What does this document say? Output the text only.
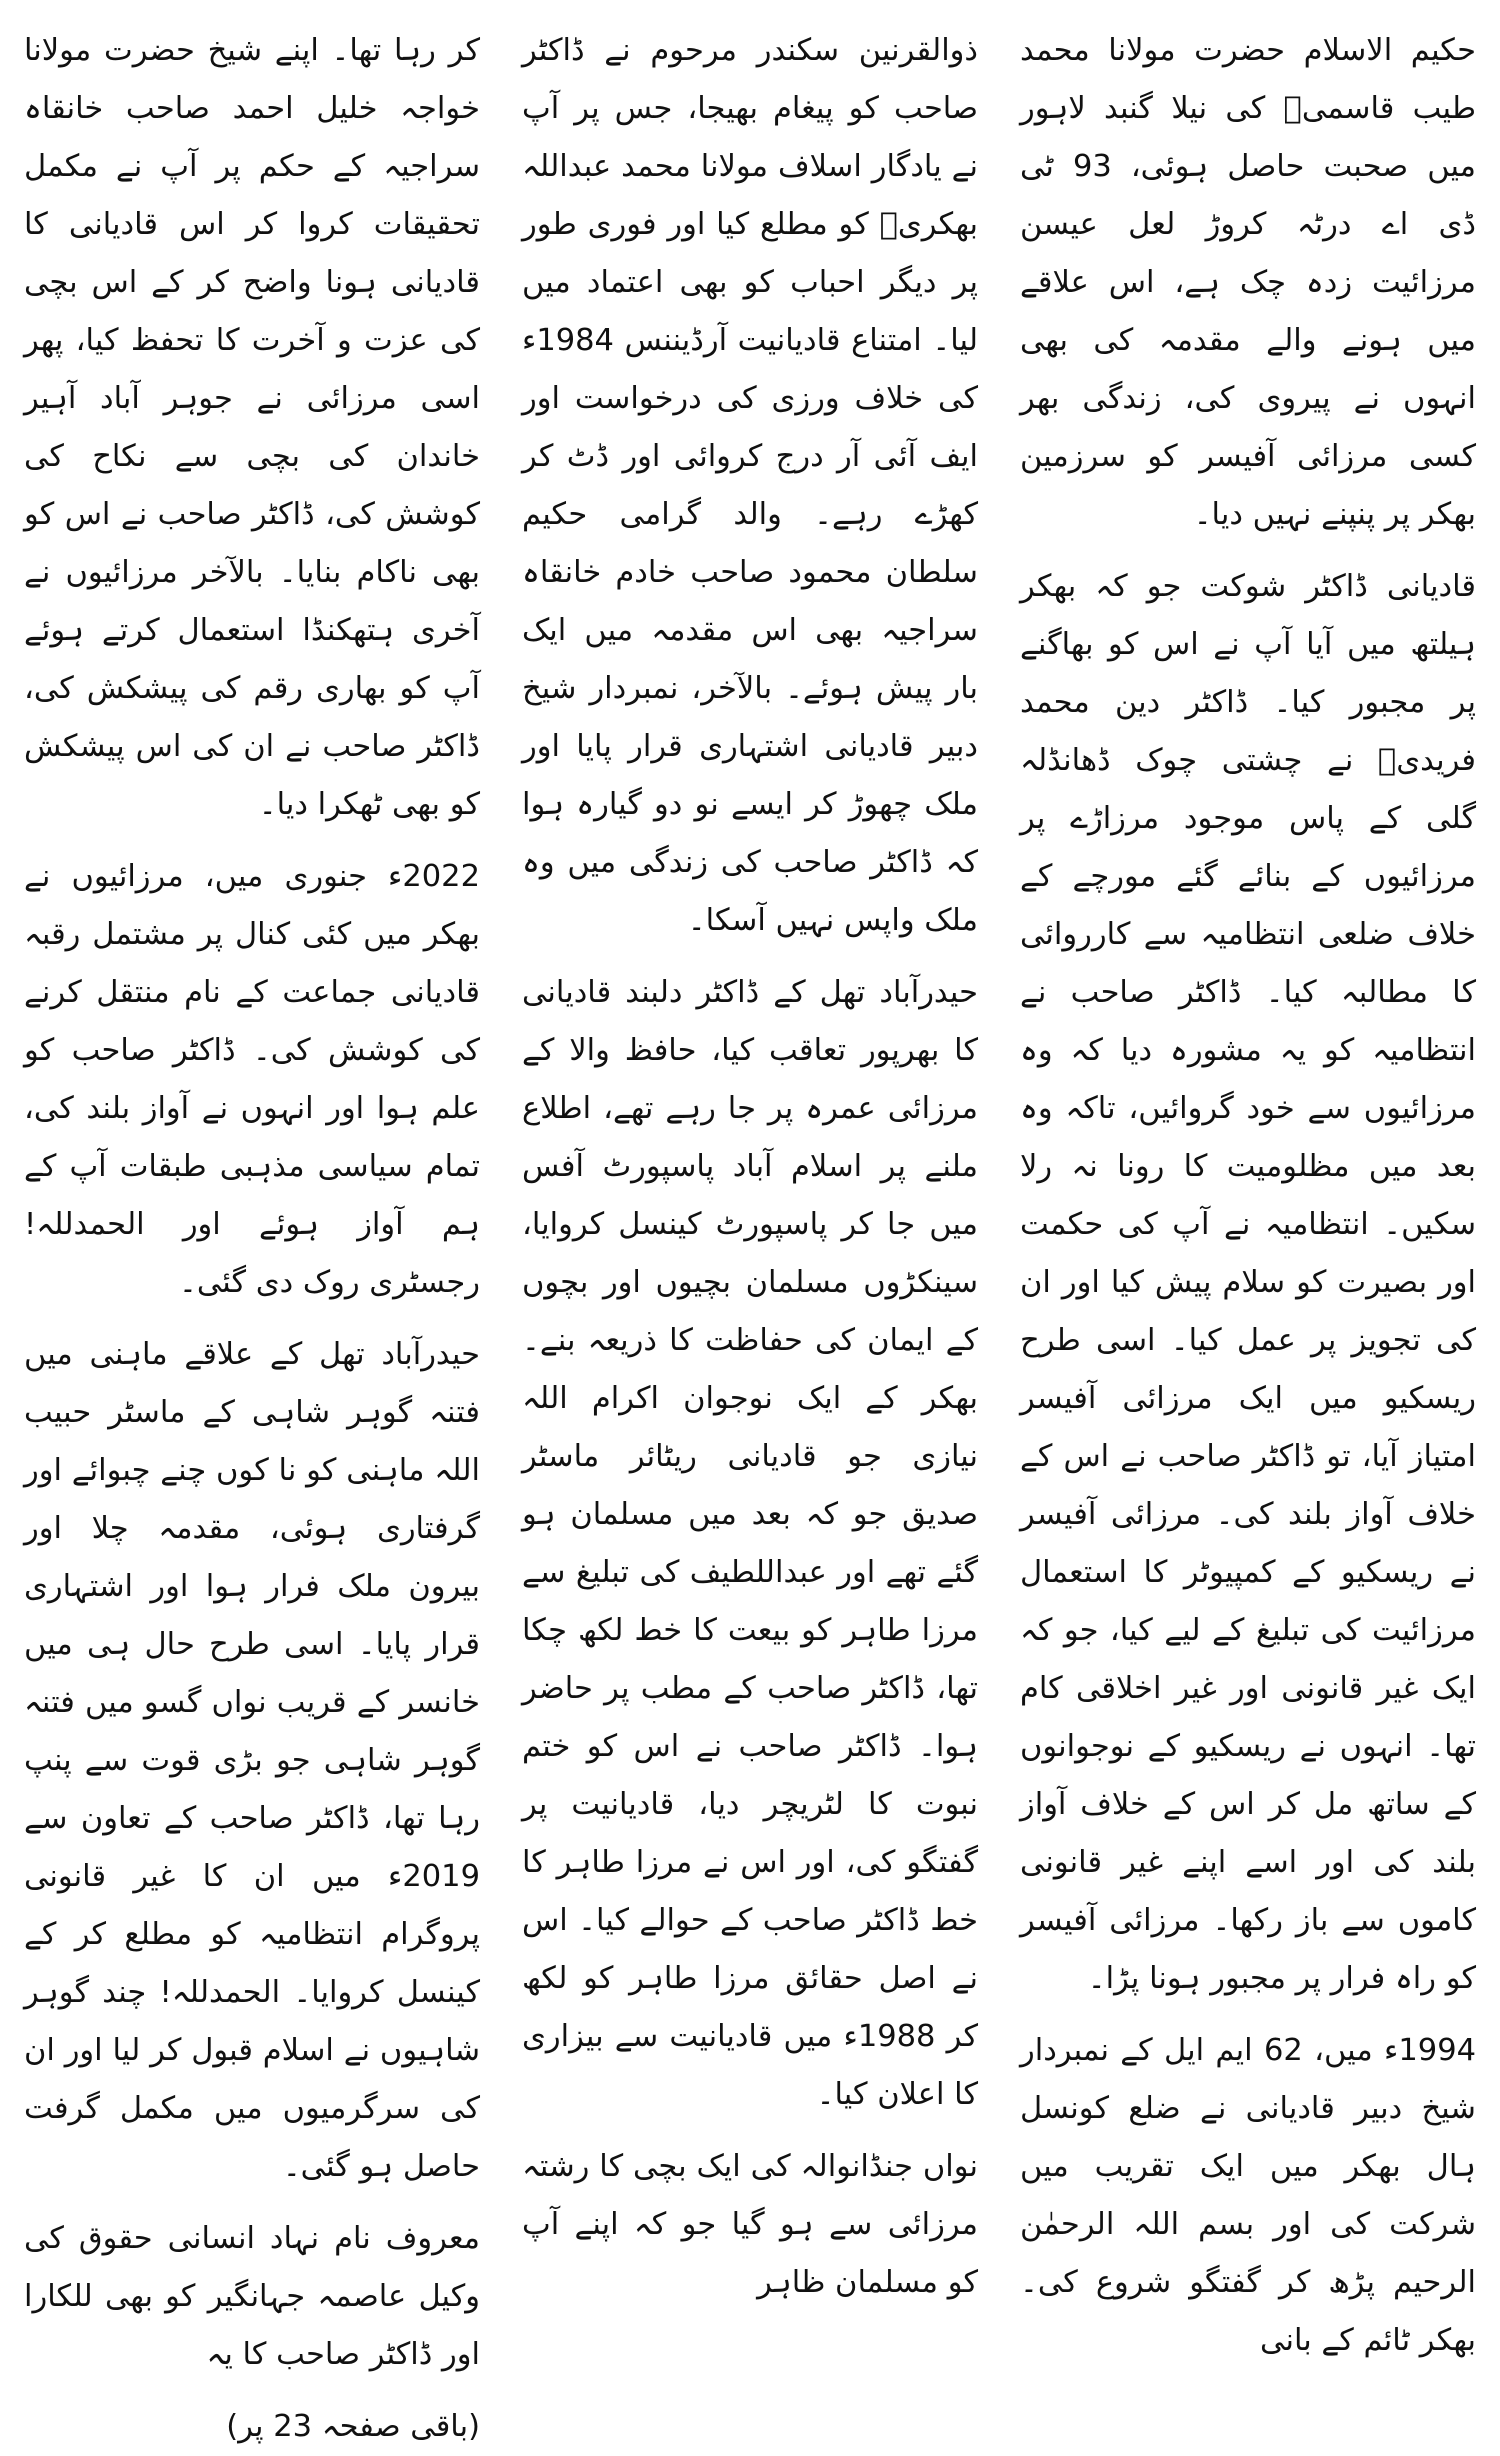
حکیم الاسلام حضرت مولانا محمد طیب قاسمیؒ کی نیلا گنبد لاہور میں صحبت حاصل ہوئی، 93 ٹی ڈی اے درٹہ کروڑ لعل عیسن مرزائیت زدہ چک ہے، اس علاقے میں ہونے والے مقدمہ کی بھی انہوں نے پیروی کی، زندگی بھر کسی مرزائی آفیسر کو سرزمین بھکر پر پنپنے نہیں دیا۔

قادیانی ڈاکٹر شوکت جو کہ بھکر ہیلتھ میں آیا آپ نے اس کو بھاگنے پر مجبور کیا۔ ڈاکٹر دین محمد فریدیؒ نے چشتی چوک ڈھانڈلہ گلی کے پاس موجود مرزاڑے پر مرزائیوں کے بنائے گئے مورچے کے خلاف ضلعی انتظامیہ سے کارروائی کا مطالبہ کیا۔ ڈاکٹر صاحب نے انتظامیہ کو یہ مشورہ دیا کہ وہ مرزائیوں سے خود گروائیں، تاکہ وہ بعد میں مظلومیت کا رونا نہ رلا سکیں۔ انتظامیہ نے آپ کی حکمت اور بصیرت کو سلام پیش کیا اور ان کی تجویز پر عمل کیا۔ اسی طرح ریسکیو میں ایک مرزائی آفیسر امتیاز آیا، تو ڈاکٹر صاحب نے اس کے خلاف آواز بلند کی۔ مرزائی آفیسر نے ریسکیو کے کمپیوٹر کا استعمال مرزائیت کی تبلیغ کے لیے کیا، جو کہ ایک غیر قانونی اور غیر اخلاقی کام تھا۔ انہوں نے ریسکیو کے نوجوانوں کے ساتھ مل کر اس کے خلاف آواز بلند کی اور اسے اپنے غیر قانونی کاموں سے باز رکھا۔ مرزائی آفیسر کو راہ فرار پر مجبور ہونا پڑا۔

1994ء میں، 62 ایم ایل کے نمبردار شیخ دبیر قادیانی نے ضلع کونسل ہال بھکر میں ایک تقریب میں شرکت کی اور بسم اللہ الرحمٰن الرحیم پڑھ کر گفتگو شروع کی۔ بھکر ٹائم کے بانی

ذوالقرنین سکندر مرحوم نے ڈاکٹر صاحب کو پیغام بھیجا، جس پر آپ نے یادگار اسلاف مولانا محمد عبداللہ بھکریؒ کو مطلع کیا اور فوری طور پر دیگر احباب کو بھی اعتماد میں لیا۔ امتناع قادیانیت آرڈیننس 1984ء کی خلاف ورزی کی درخواست اور ایف آئی آر درج کروائی اور ڈٹ کر کھڑے رہے۔ والد گرامی حکیم سلطان محمود صاحب خادم خانقاہ سراجیہ بھی اس مقدمہ میں ایک بار پیش ہوئے۔ بالآخر، نمبردار شیخ دبیر قادیانی اشتہاری قرار پایا اور ملک چھوڑ کر ایسے نو دو گیارہ ہوا کہ ڈاکٹر صاحب کی زندگی میں وہ ملک واپس نہیں آسکا۔

حیدرآباد تھل کے ڈاکٹر دلبند قادیانی کا بھرپور تعاقب کیا، حافظ والا کے مرزائی عمرہ پر جا رہے تھے، اطلاع ملنے پر اسلام آباد پاسپورٹ آفس میں جا کر پاسپورٹ کینسل کروایا، سینکڑوں مسلمان بچیوں اور بچوں کے ایمان کی حفاظت کا ذریعہ بنے۔ بھکر کے ایک نوجوان اکرام اللہ نیازی جو قادیانی ریٹائر ماسٹر صدیق جو کہ بعد میں مسلمان ہو گئے تھے اور عبداللطیف کی تبلیغ سے مرزا طاہر کو بیعت کا خط لکھ چکا تھا، ڈاکٹر صاحب کے مطب پر حاضر ہوا۔ ڈاکٹر صاحب نے اس کو ختم نبوت کا لٹریچر دیا، قادیانیت پر گفتگو کی، اور اس نے مرزا طاہر کا خط ڈاکٹر صاحب کے حوالے کیا۔ اس نے اصل حقائق مرزا طاہر کو لکھ کر 1988ء میں قادیانیت سے بیزاری کا اعلان کیا۔

نواں جنڈانوالہ کی ایک بچی کا رشتہ مرزائی سے ہو گیا جو کہ اپنے آپ کو مسلمان ظاہر

کر رہا تھا۔ اپنے شیخ حضرت مولانا خواجہ خلیل احمد صاحب خانقاہ سراجیہ کے حکم پر آپ نے مکمل تحقیقات کروا کر اس قادیانی کا قادیانی ہونا واضح کر کے اس بچی کی عزت و آخرت کا تحفظ کیا، پھر اسی مرزائی نے جوہر آباد آہیر خاندان کی بچی سے نکاح کی کوشش کی، ڈاکٹر صاحب نے اس کو بھی ناکام بنایا۔ بالآخر مرزائیوں نے آخری ہتھکنڈا استعمال کرتے ہوئے آپ کو بھاری رقم کی پیشکش کی، ڈاکٹر صاحب نے ان کی اس پیشکش کو بھی ٹھکرا دیا۔

2022ء جنوری میں، مرزائیوں نے بھکر میں کئی کنال پر مشتمل رقبہ قادیانی جماعت کے نام منتقل کرنے کی کوشش کی۔ ڈاکٹر صاحب کو علم ہوا اور انہوں نے آواز بلند کی، تمام سیاسی مذہبی طبقات آپ کے ہم آواز ہوئے اور الحمدللہ! رجسٹری روک دی گئی۔

حیدرآباد تھل کے علاقے ماہنی میں فتنہ گوہر شاہی کے ماسٹر حبیب اللہ ماہنی کو نا کوں چنے چبوائے اور گرفتاری ہوئی، مقدمہ چلا اور بیرون ملک فرار ہوا اور اشتہاری قرار پایا۔ اسی طرح حال ہی میں خانسر کے قریب نواں گسو میں فتنہ گوہر شاہی جو بڑی قوت سے پنپ رہا تھا، ڈاکٹر صاحب کے تعاون سے 2019ء میں ان کا غیر قانونی پروگرام انتظامیہ کو مطلع کر کے کینسل کروایا۔ الحمدللہ! چند گوہر شاہیوں نے اسلام قبول کر لیا اور ان کی سرگرمیوں میں مکمل گرفت حاصل ہو گئی۔

معروف نام نہاد انسانی حقوق کی وکیل عاصمہ جہانگیر کو بھی للکارا اور ڈاکٹر صاحب کا یہ

(باقی صفحہ 23 پر)
